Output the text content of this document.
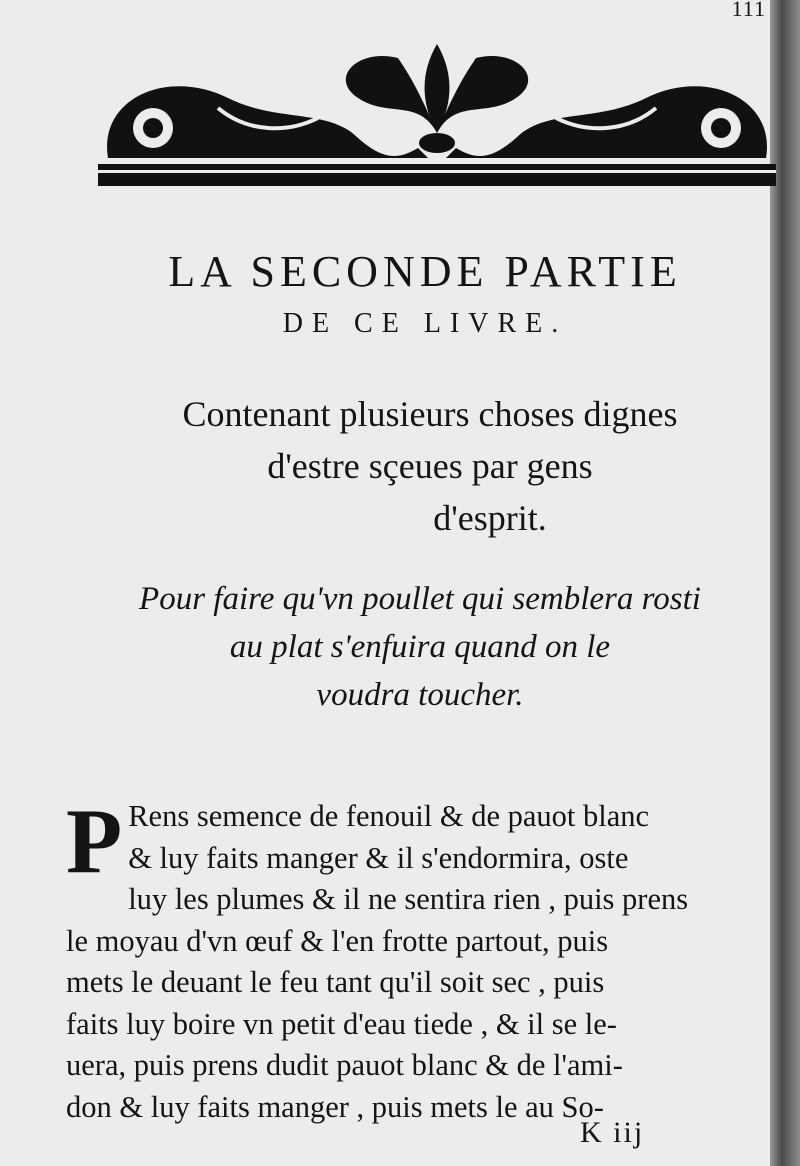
111
LA SECONDE PARTIE
DE CE LIVRE.
Contenant plusieurs choses dignes
d'estre sçeues par gens
d'esprit.
Pour faire qu'vn poullet qui semblera rosti
au plat s'enfuira quand on le
voudra toucher.
P Rens semence de fenouil & de pauot blanc
& luy faits manger & il s'endormira, oste
luy les plumes & il ne sentira rien , puis prens
le moyau d'vn œuf & l'en frotte partout, puis
mets le deuant le feu tant qu'il soit sec , puis
faits luy boire vn petit d'eau tiede , & il se le-
uera, puis prens dudit pauot blanc & de l'ami-
don & luy faits manger , puis mets le au So-
K iij
